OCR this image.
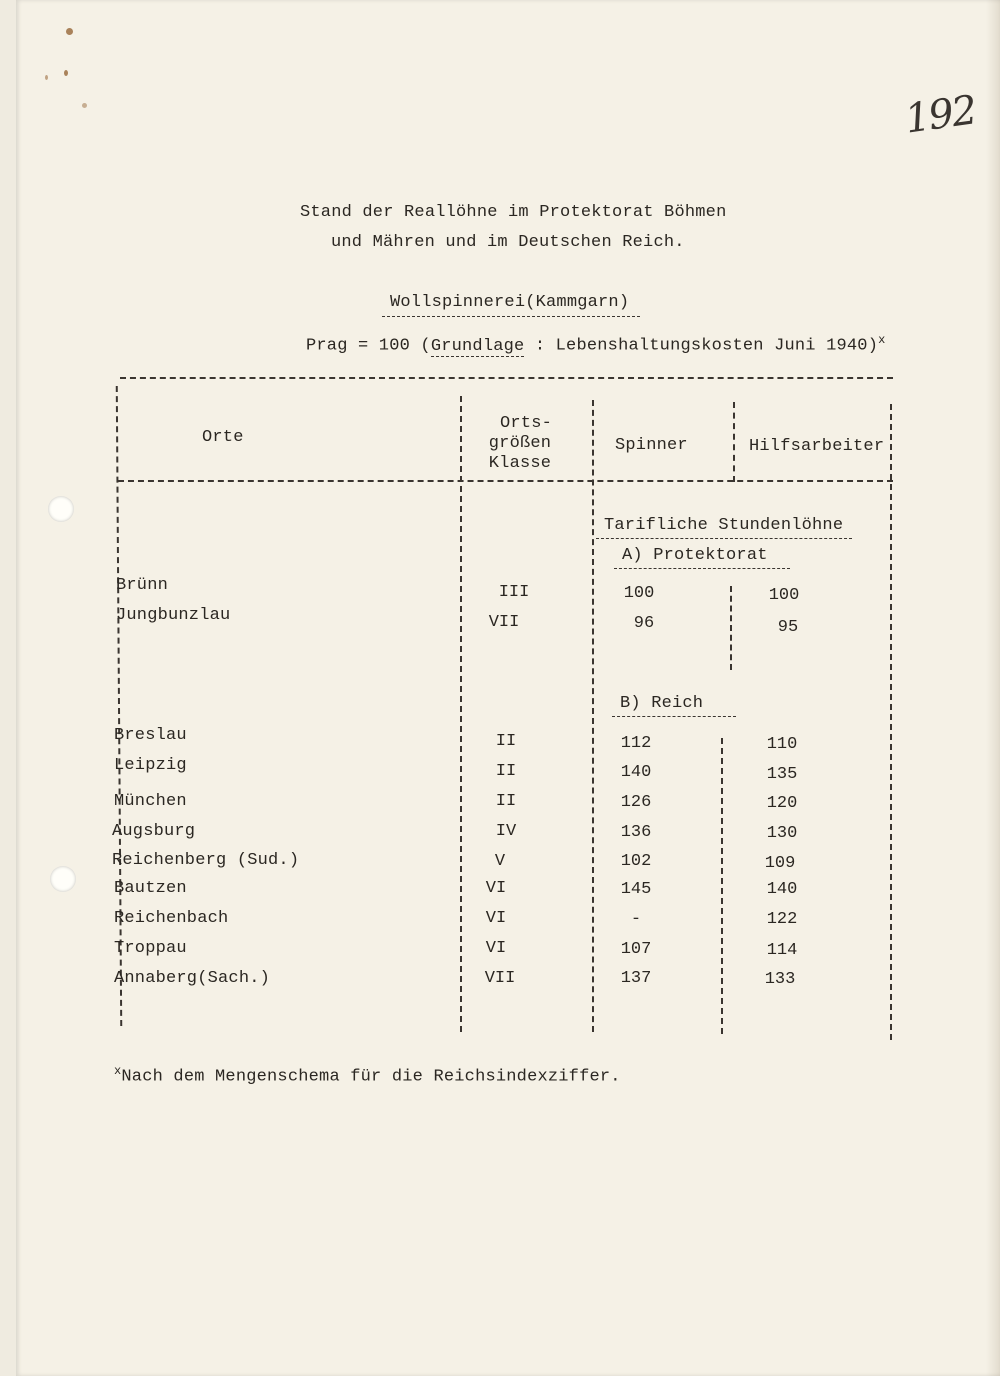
192
Stand der Reallöhne im Protektorat Böhmen
und Mähren und im Deutschen Reich.
Wollspinnerei(Kammgarn)
Prag = 100 (Grundlage : Lebenshaltungskosten Juni 1940)$^x$
Orte
Orts-
größen
Klasse
Spinner	Hilfsarbeiter
Tarifliche Stundenlöhne
A) Protektorat
B) Reich
Brünn	III	100	100
Jungbunzlau	VII	96	95
Breslau	II	112	110
Leipzig	II	140	135
München	II	126	120
Augsburg	IV	136	130
Reichenberg (Sud.)	V	102	109
Bautzen	VI	145	140
Reichenbach	VI	-	122
Troppau	VI	107	114
Annaberg(Sach.)	VII	137	133
$^x$Nach dem Mengenschema für die Reichsindexziffer.
